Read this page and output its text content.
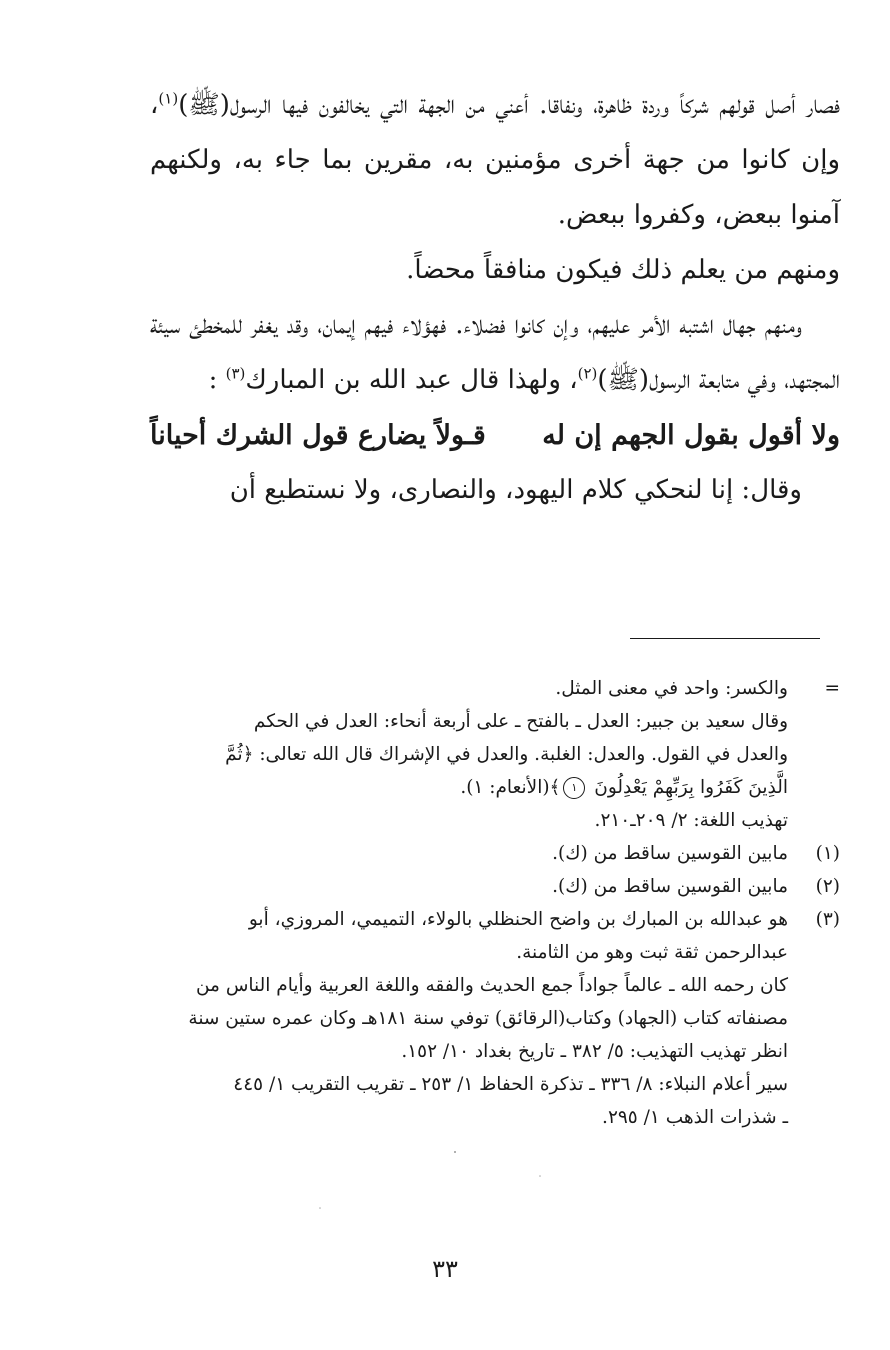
فصار أصل قولهم شركاً وردة ظاهرة، ونفاقا. أعني من الجهة التي يخالفون فيها الرسول(ﷺ)$^{(١)}$، وإن كانوا من جهة أخرى مؤمنين به، مقرين بما جاء به، ولكنهم آمنوا ببعض، وكفروا ببعض.

ومنهم من يعلم ذلك فيكون منافقاً محضاً.

ومنهم جهال اشتبه الأمر عليهم، وإن كانوا فضلاء. فهؤلاء فيهم إيمان، وقد يغفر للمخطئ سيئة المجتهد، وفي متابعة الرسول(ﷺ)$^{(٢)}$، ولهذا قال عبد الله بن المبارك$^{(٣)}$ :

ولا أقول بقول الجهم إن له
قـولاً يضارع قول الشرك أحياناً

وقال: إنا لنحكي كلام اليهود، والنصارى، ولا نستطيع أن

=
والكسر: واحد في معنى المثل.
وقال سعيد بن جبير: العدل ـ بالفتح ـ على أربعة أنحاء: العدل في الحكم
والعدل في القول. والعدل: الغلبة. والعدل في الإشراك قال الله تعالى: ﴿ثُمَّ
الَّذِينَ كَفَرُوا بِرَبِّهِمْ يَعْدِلُونَ ١﴾(الأنعام: ١).
تهذيب اللغة: ٢/ ٢٠٩ـ٢١٠.
(١)
مابين القوسين ساقط من (ك).
(٢)
مابين القوسين ساقط من (ك).
(٣)
هو عبدالله بن المبارك بن واضح الحنظلي بالولاء، التميمي، المروزي، أبو
عبدالرحمن ثقة ثبت وهو من الثامنة.
كان رحمه الله ـ عالماً جواداً جمع الحديث والفقه واللغة العربية وأيام الناس من
مصنفاته كتاب (الجهاد) وكتاب(الرقائق) توفي سنة ١٨١هـ وكان عمره ستين سنة
انظر تهذيب التهذيب: ٥/ ٣٨٢ ـ تاريخ بغداد ١٠/ ١٥٢.
سير أعلام النبلاء: ٨/ ٣٣٦ ـ تذكرة الحفاظ ١/ ٢٥٣ ـ تقريب التقريب ١/ ٤٤٥
ـ شذرات الذهب ١/ ٢٩٥.
٣٣
